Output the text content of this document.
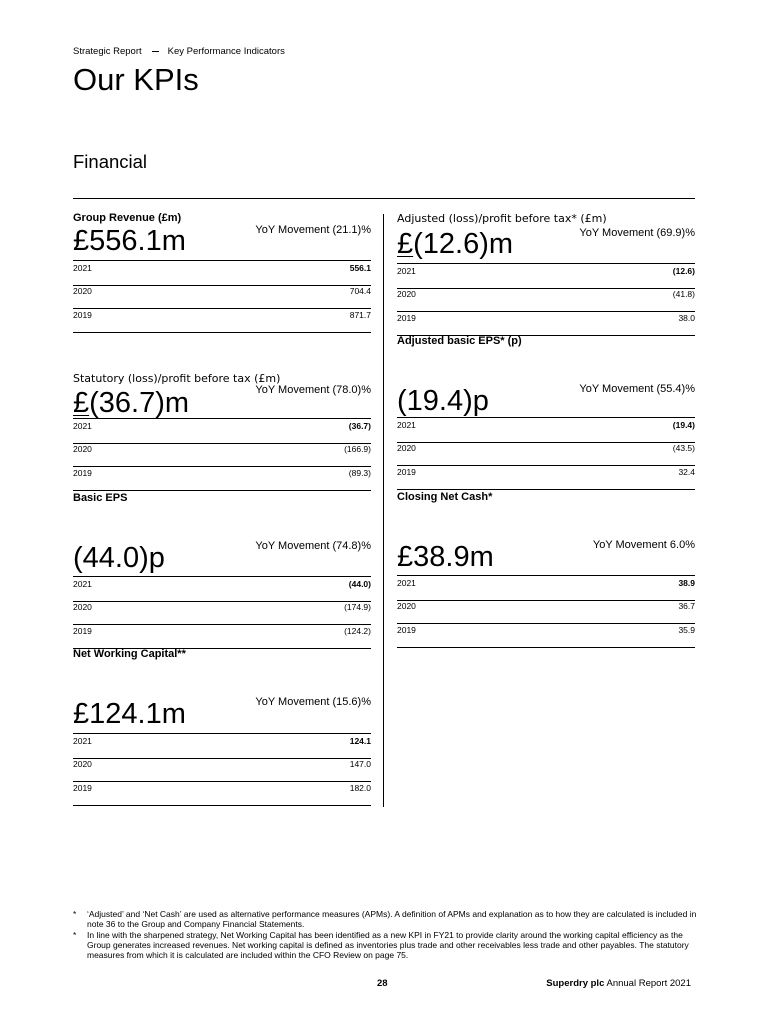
Strategic Report	Key Performance Indicators
Our KPIs
Financial
Group Revenue (£m)
£556.1m	YoY Movement (21.1)%
2021	556.1
2020	704.4
2019	871.7
Adjusted (loss)/profit before tax* (£m)
£(12.6)m	YoY Movement (69.9)%
2021	(12.6)
2020	(41.8)
2019	38.0
Statutory (loss)/profit before tax (£m)
£(36.7)m	YoY Movement (78.0)%
2021	(36.7)
2020	(166.9)
2019	(89.3)
Adjusted basic EPS* (p)
(19.4)p	YoY Movement (55.4)%
2021	(19.4)
2020	(43.5)
2019	32.4
Basic EPS
(44.0)p	YoY Movement (74.8)%
2021	(44.0)
2020	(174.9)
2019	(124.2)
Closing Net Cash*
£38.9m	YoY Movement 6.0%
2021	38.9
2020	36.7
2019	35.9
Net Working Capital**
£124.1m	YoY Movement (15.6)%
2021	124.1
2020	147.0
2019	182.0
* ‘Adjusted’ and ‘Net Cash’ are used as alternative performance measures (APMs). A definition of APMs and explanation as to how they are calculated is included in note 36 to the Group and Company Financial Statements.
* In line with the sharpened strategy, Net Working Capital has been identified as a new KPI in FY21 to provide clarity around the working capital efficiency as the Group generates increased revenues. Net working capital is defined as inventories plus trade and other receivables less trade and other payables. The statutory measures from which it is calculated are included within the CFO Review on page 75.
28	Superdry plc Annual Report 2021
